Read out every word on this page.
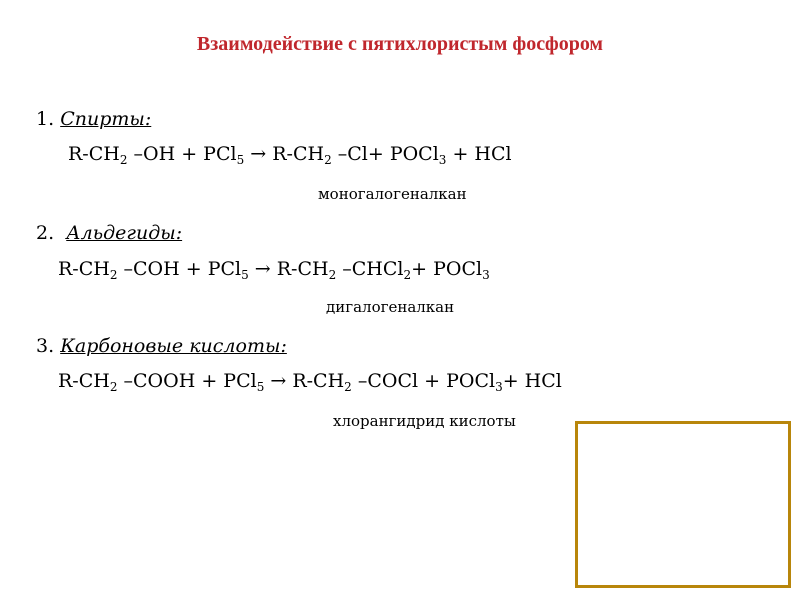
Взаимодействие с пятихлористым фосфором
1. Спирты:
$R-CH_2$ $-OH + PCl_5 \to R-CH_2$ –Cl+ POCl$_3$ + HCl
моногалогеналкан
2. Альдегиды:
$R-CH_2$ $-COH + PCl_5 \to R-CH_2$ –CHCl$_2$+ POCl$_3$
дигалогеналкан
3. Карбоновые кислоты:
$R-CH_2$ –COOH + $PCl_5 \to R-CH_2$ –COCl + POCl$_3$+ HCl
хлорангидрид кислоты
